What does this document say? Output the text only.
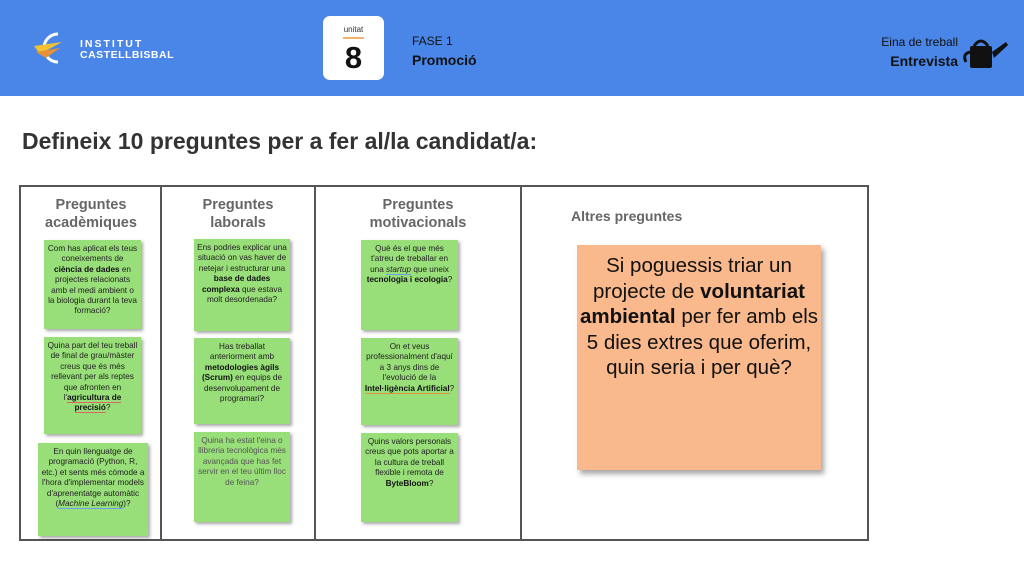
INSTITUT
CASTELLBISBAL
unitat
8	FASE 1
Promoció
Eina de treball
Entrevista
Defineix 10 preguntes per a fer al/la candidat/a:
Preguntes
acadèmiques
Preguntes
laborals
Preguntes
motivacionals	Altres preguntes
Com has aplicat els teus coneixements de ciència de dades en projectes relacionats amb el medi ambient o la biologia durant la teva formació?
Quina part del teu treball de final de grau/màster creus que és més rellevant per als reptes que afronten en l'agricultura de precisió?
En quin llenguatge de programació (Python, R, etc.) et sents més còmode a l'hora d'implementar models d'aprenentatge automàtic (Machine Learning)?
Ens podries explicar una situació on vas haver de netejar i estructurar una base de dades complexa que estava molt desordenada?
Has treballat anteriorment amb metodologies àgils (Scrum) en equips de desenvolupament de programari?
Quina ha estat l'eina o llibreria tecnològica més avançada que has fet servir en el teu últim lloc de feina?
Què és el que més t'atreu de treballar en una startup que uneix tecnologia i ecologia?
On et veus professionalment d'aquí a 3 anys dins de l'evolució de la Intel·ligència Artificial?
Quins valors personals creus que pots aportar a la cultura de treball flexible i remota de ByteBloom?
Si poguessis triar un projecte de voluntariat ambiental per fer amb els 5 dies extres que oferim, quin seria i per què?
